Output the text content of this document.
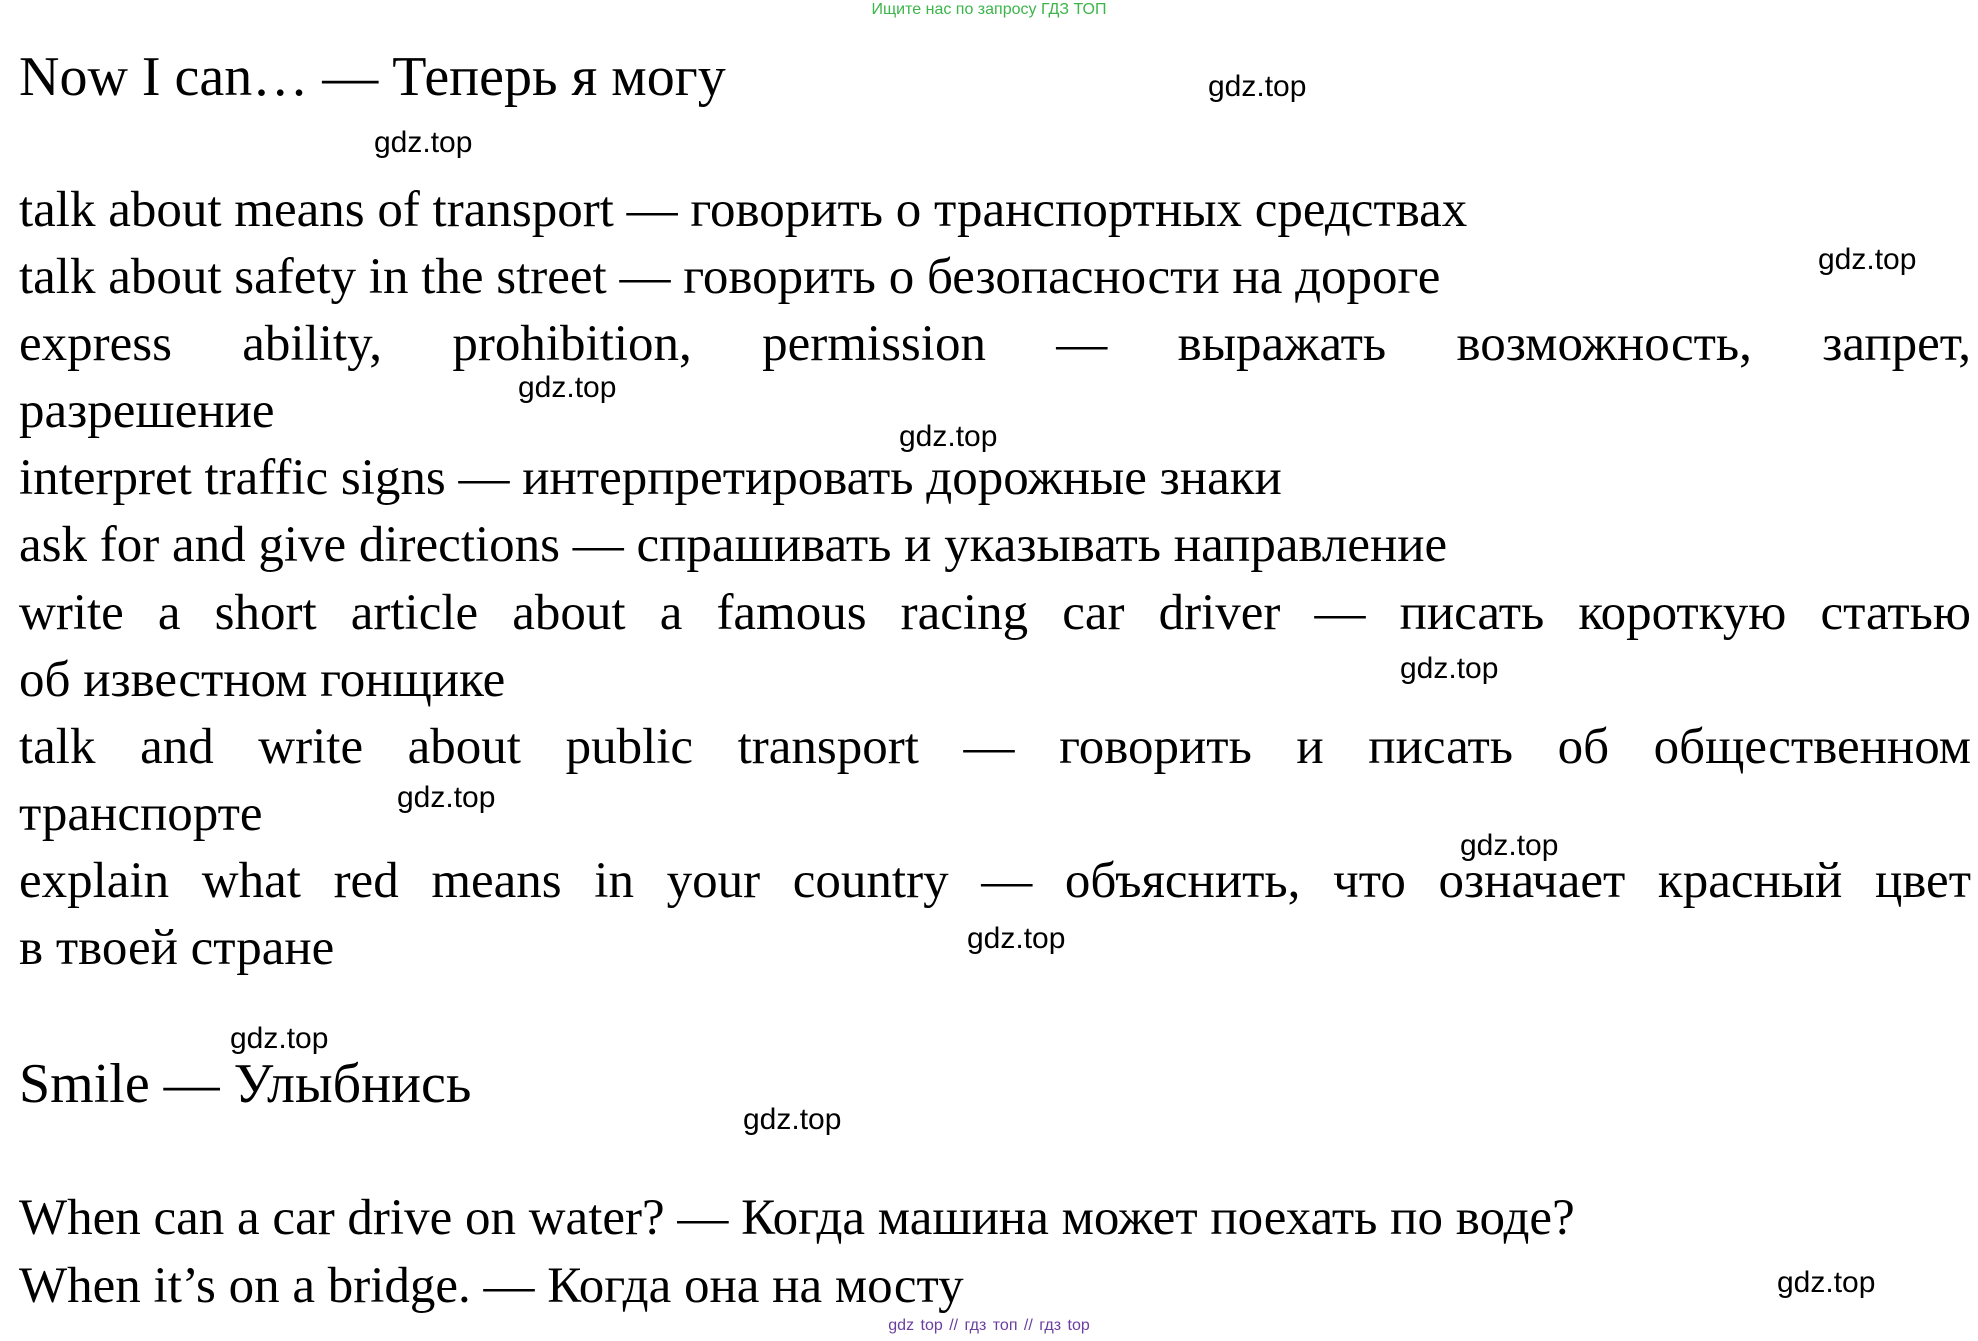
Ищите нас по запросу ГДЗ ТОП
Now I can… — Теперь я могу
talk about means of transport — говорить о транспортных средствах
talk about safety in the street — говорить о безопасности на дороге
express ability, prohibition, permission — выражать возможность, запрет,
разрешение
interpret traffic signs — интерпретировать дорожные знаки
ask for and give directions — спрашивать и указывать направление
write a short article about a famous racing car driver — писать короткую статью
об известном гонщике
talk and write about public transport — говорить и писать об общественном
транспорте
explain what red means in your country — объяснить, что означает красный цвет
в твоей стране
Smile — Улыбнись
When can a car drive on water? — Когда машина может поехать по воде?
When it’s on a bridge. — Когда она на мосту
gdz.top
gdz.top
gdz.top
gdz.top
gdz.top
gdz.top
gdz.top
gdz.top
gdz.top
gdz.top
gdz.top
gdz.top
gdz top // гдз топ // гдз top
